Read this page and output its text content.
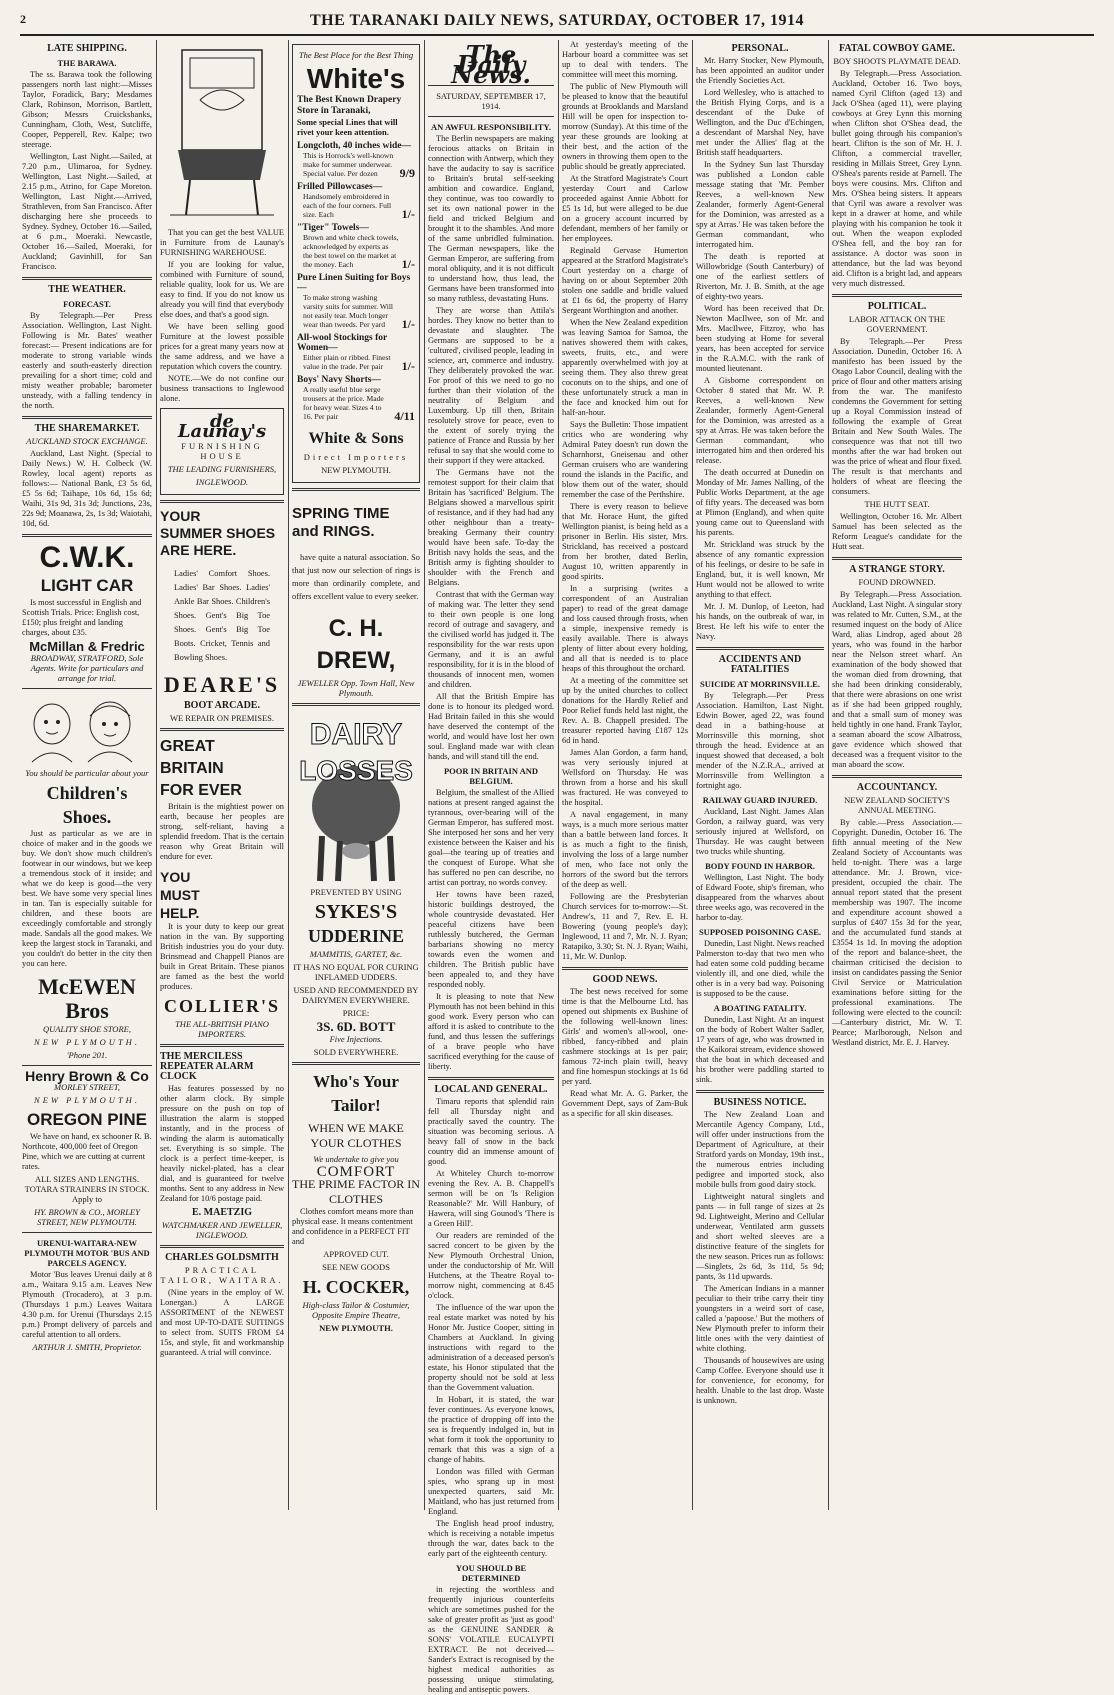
2	THE TARANAKI DAILY NEWS, SATURDAY, OCTOBER 17, 1914
LATE SHIPPING.
THE BARAWA.

The ss. Barawa took the following passengers north last night:—Misses Taylor, Foradick, Bary; Mesdames Clark, Robinson, Morrison, Bartlett, Gibson; Messrs Cruickshanks, Cunningham, Cloth, West, Sutcliffe, Cooper, Pepperell, Rev. Kalpe; two steerage.

Wellington, Last Night.—Sailed, at 7.20 p.m., Ulimaroa, for Sydney. Wellington, Last Night.—Sailed, at 2.15 p.m., Atrino, for Cape Moreton. Wellington, Last Night.—Arrived, Strathleven, from San Francisco. After discharging here she proceeds to Sydney. Sydney, October 16.—Sailed, at 6 p.m., Moeraki. Newcastle, October 16.—Sailed, Moeraki, for Auckland; Gavinhill, for San Francisco.

THE WEATHER.
FORECAST.

By Telegraph.—Per Press Association. Wellington, Last Night. Following is Mr. Bates' weather forecast:— Present indications are for moderate to strong variable winds easterly and south-easterly direction prevailing for a short time; cold and misty weather probable; barometer unsteady, with a falling tendency in the north.

THE SHAREMARKET.
AUCKLAND STOCK EXCHANGE.

Auckland, Last Night. (Special to Daily News.) W. H. Colbeck (W. Rowley, local agent) reports as follows:— National Bank, £3 5s 6d, £5 5s 6d; Taihape, 10s 6d, 15s 6d; Waihi, 31s 9d, 31s 3d; Junctions, 23s, 22s 9d; Moanawa, 2s, 1s 3d; Waiotahi, 10d, 6d.

C.W.K.
LIGHT CAR

Is most successful in English and Scottish Trials. Price: English cost, £150; plus freight and landing charges, about £35.

McMillan & Fredric
BROADWAY, STRATFORD, Sole Agents. Write for particulars and arrange for trial.
You should be particular about your
Children's Shoes.

Just as particular as we are in choice of maker and in the goods we buy. We don't show much children's footwear in our windows, but we keep a tremendous stock of it inside; and what we do keep is good—the very best. We have some very special lines in tan. Tan is especially suitable for children, and these boots are exceedingly comfortable and strongly made. Sandals all the good makes. We keep the largest stock in Taranaki, and you couldn't do better in the city then you can here.

McEWEN Bros
QUALITY SHOE STORE,
NEW PLYMOUTH.
'Phone 201.
Henry Brown & Co
MORLEY STREET,
NEW PLYMOUTH.
OREGON PINE

We have on hand, ex schooner R. B. Northcote, 400,000 feet of Oregon Pine, which we are cutting at current rates.

ALL SIZES AND LENGTHS. TOTARA STRAINERS IN STOCK. Apply to
HY. BROWN & CO., MORLEY STREET, NEW PLYMOUTH.
URENUI-WAITARA-NEW PLYMOUTH MOTOR 'BUS AND PARCELS AGENCY.

Motor 'Bus leaves Urenui daily at 8 a.m., Waitara 9.15 a.m. Leaves New Plymouth (Trocadero), at 3 p.m. (Thursdays 1 p.m.) Leaves Waitara 4.30 p.m. for Urenui (Thursdays 2.15 p.m.) Prompt delivery of parcels and careful attention to all orders.

ARTHUR J. SMITH, Proprietor.

That you can get the best VALUE in Furniture from de Launay's FURNISHING WAREHOUSE.

If you are looking for value, combined with Furniture of sound, reliable quality, look for us. We are easy to find. If you do not know us already you will find that everybody else does, and that's a good sign.

We have been selling good Furniture at the lowest possible prices for a great many years now at the same address, and we have a reputation which covers the country.

NOTE.—We do not confine our business transactions to Inglewood alone.

de Launay's
FURNISHING HOUSE
THE LEADING FURNISHERS,
INGLEWOOD.
YOUR
SUMMER SHOES
ARE HERE.

Ladies' Comfort Shoes. Ladies' Bar Shoes. Ladies' Ankle Bar Shoes. Children's Shoes. Gent's Big Toe Shoes. Gent's Big Toe Boots. Cricket, Tennis and Bowling Shoes.

DEARE'S
BOOT ARCADE.
WE REPAIR ON PREMISES.
GREAT
BRITAIN
FOR EVER

Britain is the mightiest power on earth, because her peoples are strong, self-reliant, having a splendid freedom. That is the certain reason why Great Britain will endure for ever.

YOU
MUST
HELP.

It is your duty to keep our great nation in the van. By supporting British industries you do your duty. Brinsmead and Chappell Pianos are built in Great Britain. These pianos are famed as the best the world produces.

COLLIER'S
THE ALL-BRITISH PIANO IMPORTERS.
THE MERCILESS REPEATER ALARM CLOCK

Has features possessed by no other alarm clock. By simple pressure on the push on top of illustration the alarm is stopped instantly, and in the process of winding the alarm is automatically set. Everything is so simple. The clock is a perfect time-keeper, is heavily nickel-plated, has a clear dial, and is guaranteed for twelve months. Sent to any address in New Zealand for 10/6 postage paid.

E. MAETZIG
WATCHMAKER AND JEWELLER, INGLEWOOD.
CHARLES GOLDSMITH
PRACTICAL TAILOR, WAITARA.

(Nine years in the employ of W. Lonergan.) A LARGE ASSORTMENT of the NEWEST and most UP-TO-DATE SUITINGS to select from. SUITS FROM £4 15s, and style, fit and workmanship guaranteed. A trial will convince.

The Best Place for the Best Thing
White's
The Best Known Drapery Store in Taranaki,
Some special Lines that will rivet your keen attention.
Longcloth, 40 inches wide—
This is Horrock's well-known make for summer underwear. Special value. Per dozen	9/9
Frilled Pillowcases—
Handsomely embroidered in each of the four corners. Full size. Each	1/-
"Tiger" Towels—
Brown and white check towels, acknowledged by experts as the best towel on the market at the money. Each	1/-
Pure Linen Suiting for Boys—
To make strong washing varsity suits for summer. Will not easily tear. Much longer wear than tweeds. Per yard	1/-
All-wool Stockings for Women—
Either plain or ribbed. Finest value in the trade. Per pair	1/-
Boys' Navy Shorts—
A really useful blue serge trousers at the price. Made for heavy wear. Sizes 4 to 16. Per pair	4/11
White & Sons
Direct Importers
NEW PLYMOUTH.
SPRING TIME
and RINGS.

have quite a natural association. So that just now our selection of rings is more than ordinarily complete, and offers excellent value to every seeker.

C. H. DREW,
JEWELLER Opp. Town Hall, New Plymouth.
DAIRY
LOSSES
PREVENTED BY USING
SYKES'S
UDDERINE
MAMMITIS, GARTET, &c.
IT HAS NO EQUAL FOR CURING INFLAMED UDDERS.
USED AND RECOMMENDED BY DAIRYMEN EVERYWHERE.
PRICE:
3S. 6D. BOTT
Five Injections.
SOLD EVERYWHERE.
Who's Your Tailor!
WHEN WE MAKE YOUR CLOTHES
We undertake to give you
COMFORT
THE PRIME FACTOR IN CLOTHES

Clothes comfort means more than physical ease. It means contentment and confidence in a PERFECT FIT and

APPROVED CUT.
SEE NEW GOODS
H. COCKER,
High-class Tailor & Costumier, Opposite Empire Theatre,
NEW PLYMOUTH.
The Daily News.
SATURDAY, SEPTEMBER 17, 1914.
AN AWFUL RESPONSIBILITY.

The Berlin newspapers are making ferocious attacks on Britain in connection with Antwerp, which they have the audacity to say is sacrifice to Britain's brutal self-seeking ambition and cowardice. England, they continue, was too cowardly to set its own national power in the field and tricked Belgium and brought it to the shambles. And more of the same unbridled fulmination. The German newspapers, like the German Emperor, are suffering from moral obliquity, and it is not difficult to understand how, thus lead, the Germans have been transformed into so many ruthless, devastating Huns.

They are worse than Attila's hordes. They know no better than to devastate and slaughter. The Germans are supposed to be a 'cultured', civilised people, leading in science, art, commerce and industry. They deliberately provoked the war. For proof of this we need to go no further than their violation of the neutrality of Belgium and Luxemburg. Up till then, Britain resolutely strove for peace, even to the extent of sorely trying the patience of France and Russia by her refusal to say that she would come to their support if they were attacked.

The Germans have not the remotest support for their claim that Britain has 'sacrificed' Belgium. The Belgians showed a marvellous spirit of resistance, and if they had had any other neighbour than a treaty-breaking Germany their country would have been safe. To-day the British navy holds the seas, and the British army is fighting shoulder to shoulder with the French and Belgians.

Contrast that with the German way of making war. The letter they send to their own people is one long record of outrage and savagery, and the civilised world has judged it. The responsibility for the war rests upon Germany, and it is an awful responsibility, for it is in the blood of thousands of innocent men, women and children.

All that the British Empire has done is to honour its pledged word. Had Britain failed in this she would have deserved the contempt of the world, and would have lost her own soul. England made war with clean hands, and will stand till the end.

POOR IN BRITAIN AND BELGIUM.

Belgium, the smallest of the Allied nations at present ranged against the tyrannous, over-bearing will of the German Emperor, has suffered most. She interposed her sons and her very existence between the Kaiser and his goal—the tearing up of treaties and the conquest of Europe. What she has suffered no pen can describe, no artist can portray, no words convey.

Her towns have been razed, historic buildings destroyed, the whole countryside devastated. Her peaceful citizens have been ruthlessly butchered, the German barbarians showing no mercy towards even the women and children. The British public have been appealed to, and they have responded nobly.

It is pleasing to note that New Plymouth has not been behind in this good work. Every person who can afford it is asked to contribute to the fund, and thus lessen the sufferings of a brave people who have sacrificed everything for the cause of liberty.

LOCAL AND GENERAL.

Timaru reports that splendid rain fell all Thursday night and practically saved the country. The situation was becoming serious. A heavy fall of snow in the back country did an immense amount of good.

At Whiteley Church to-morrow evening the Rev. A. B. Chappell's sermon will be on 'Is Religion Reasonable?' Mr. Will Hanbury, of Hawera, will sing Gounod's 'There is a Green Hill'.

Our readers are reminded of the sacred concert to be given by the New Plymouth Orchestral Union, under the conductorship of Mr. Will Hutchens, at the Theatre Royal to-morrow night, commencing at 8.45 o'clock.

The influence of the war upon the real estate market was noted by his Honor Mr. Justice Cooper, sitting in Chambers at Auckland. In giving instructions with regard to the administration of a deceased person's estate, his Honor stipulated that the property should not be sold at less than the Government valuation.

In Hobart, it is stated, the war fever continues. As everyone knows, the practice of dropping off into the sea is frequently indulged in, but in what form it took the opportunity to remark that this was a sign of a change of habits.

London was filled with German spies, who sprang up in most unexpected quarters, said Mr. Maitland, who has just returned from England.

The English head proof industry, which is receiving a notable impetus through the war, dates back to the early part of the eighteenth century.

YOU SHOULD BE DETERMINED

in rejecting the worthless and frequently injurious counterfeits which are sometimes pushed for the sake of greater profit as 'just as good' as the GENUINE SANDER & SONS' VOLATILE EUCALYPTI EXTRACT. Be not deceived—Sander's Extract is recognised by the highest medical authorities as possessing unique stimulating, healing and antiseptic powers.

At yesterday's meeting of the Harbour board a committee was set up to deal with tenders. The committee will meet this morning.

The public of New Plymouth will be pleased to know that the beautiful grounds at Brooklands and Marsland Hill will be open for inspection to-morrow (Sunday). At this time of the year these grounds are looking at their best, and the action of the owners in throwing them open to the public should be greatly appreciated.

At the Stratford Magistrate's Court yesterday Court and Carlow proceeded against Annie Abbott for £5 1s 1d, but were alleged to be due on a grocery account incurred by defendant, members of her family or her employees.

Reginald Gervase Humerton appeared at the Stratford Magistrate's Court yesterday on a charge of having on or about September 20th stolen one saddle and bridle valued at £1 6s 6d, the property of Harry Sergeant Worthington and another.

When the New Zealand expedition was leaving Samoa for Samoa, the natives showered them with cakes, sweets, fruits, etc., and were apparently overwhelmed with joy at seeing them. They also threw great coconuts on to the ships, and one of these unfortunately struck a man in the face and knocked him out for half-an-hour.

Says the Bulletin: Those impatient critics who are wondering why Admiral Patey doesn't run down the Scharnhorst, Gneisenau and other German cruisers who are wandering round the islands in the Pacific, and blow them out of the water, should remember the case of the Perthshire.

There is every reason to believe that Mr. Horace Hunt, the gifted Wellington pianist, is being held as a prisoner in Berlin. His sister, Mrs. Strickland, has received a postcard from her brother, dated Berlin, August 10, written apparently in good spirits.

In a surprising (writes a correspondent of an Australian paper) to read of the great damage and loss caused through frosts, when a simple, inexpensive remedy is easily available. There is always plenty of litter about every holding, and all that is needed is to place heaps of this throughout the orchard.

At a meeting of the committee set up by the united churches to collect donations for the Hardly Relief and Poor Relief funds held last night, the Rev. A. B. Chappell presided. The treasurer reported having £187 12s 6d in hand.

James Alan Gordon, a farm hand, was very seriously injured at Wellsford on Thursday. He was thrown from a horse and his skull was fractured. He was conveyed to the hospital.

A naval engagement, in many ways, is a much more serious matter than a battle between land forces. It is as much a fight to the finish, involving the loss of a large number of men, who face not only the horrors of the sword but the terrors of the deep as well.

Following are the Presbyterian Church services for to-morrow:—St. Andrew's, 11 and 7, Rev. E. H. Bowering (young people's day); Inglewood, 11 and 7, Mr. N. J. Ryan; Ratapiko, 3.30; St. N. J. Ryan; Waihi, 11, Mr. W. Dunlop.

GOOD NEWS.

The best news received for some time is that the Melbourne Ltd. has opened out shipments ex Bushine of the following well-known lines: Girls' and women's all-wool, one-ribbed, fancy-ribbed and plain cashmere stockings at 1s per pair; famous 72-inch plain twill, heavy and fine homespun stockings at 1s 6d per yard.

Read what Mr. A. G. Parker, the Government Dept, says of Zam-Buk as a specific for all skin diseases.

PERSONAL.

Mr. Harry Stocker, New Plymouth, has been appointed an auditor under the Friendly Societies Act.

Lord Wellesley, who is attached to the British Flying Corps, and is a descendant of the Duke of Wellington, and the Duc d'Echingen, a descendant of Marshal Ney, have met under the Allies' flag at the British staff headquarters.

In the Sydney Sun last Thursday was published a London cable message stating that 'Mr. Pember Reeves, a well-known New Zealander, formerly Agent-General for the Dominion, was arrested as a spy at Arras.' He was taken before the German commandant, who interrogated him.

The death is reported at Willowbridge (South Canterbury) of one of the earliest settlers of Riverton, Mr. J. B. Smith, at the age of eighty-two years.

Word has been received that Dr. Newton MacIlwee, son of Mr. and Mrs. MacIlwee, Fitzroy, who has been studying at Home for several years, has been accepted for service in the R.A.M.C. with the rank of mounted lieutenant.

A Gisborne correspondent on October 8 stated that Mr. W. P. Reeves, a well-known New Zealander, formerly Agent-General for the Dominion, was arrested as a spy at Arras. He was taken before the German commandant, who interrogated him and then ordered his release.

The death occurred at Dunedin on Monday of Mr. James Nalling, of the Public Works Department, at the age of fifty years. The deceased was born at Plimon (England), and when quite young came out to Queensland with his parents.

Mr. Strickland was struck by the absence of any romantic expression of his feelings, or desire to be safe in England, but, it is well known, Mr Hunt would not be allowed to write anything to that effect.

Mr. J. M. Dunlop, of Leeton, had his hands, on the outbreak of war, in Brest. He left his wife to enter the Navy.

ACCIDENTS AND FATALITIES
SUICIDE AT MORRINSVILLE.

By Telegraph.—Per Press Association. Hamilton, Last Night. Edwin Bower, aged 22, was found dead in a bathing-house at Morrinsville this morning, shot through the head. Evidence at an inquest showed that deceased, a bolt mender of the N.Z.R.A., arrived at Morrinsville from Wellington a fortnight ago.

RAILWAY GUARD INJURED.

Auckland, Last Night. James Alan Gordon, a railway guard, was very seriously injured at Wellsford, on Thursday. He was caught between two trucks while shunting.

BODY FOUND IN HARBOR.

Wellington, Last Night. The body of Edward Foote, ship's fireman, who disappeared from the wharves about three weeks ago, was recovered in the harbor to-day.

SUPPOSED POISONING CASE.

Dunedin, Last Night. News reached Palmerston to-day that two men who had eaten some cold pudding became violently ill, and one died, while the other is in a very bad way. Poisoning is supposed to be the cause.

A BOATING FATALITY.

Dunedin, Last Night. At an inquest on the body of Robert Walter Sadler, 17 years of age, who was drowned in the Kaikorai stream, evidence showed that the boat in which deceased and his brother were paddling started to sink.

BUSINESS NOTICE.

The New Zealand Loan and Mercantile Agency Company, Ltd., will offer under instructions from the Department of Agriculture, at their Stratford yards on Monday, 19th inst., the numerous entries including pedigree and imported stock, also mobile bulls from good dairy stock.

Lightweight natural singlets and pants — in full range of sizes at 2s 9d. Lightweight, Merino and Cellular underwear, Ventilated arm gussets and short welted sleeves are a distinctive feature of the singlets for the new season. Prices run as follows:—Singlets, 2s 6d, 3s 11d, 5s 9d; pants, 3s 11d upwards.

The American Indians in a manner peculiar to their tribe carry their tiny youngsters in a weird sort of case, called a 'papoose.' But the mothers of New Plymouth prefer to inform their little ones with the very daintiest of white clothing.

Thousands of housewives are using Camp Coffee. Everyone should use it for convenience, for economy, for health. Unable to the last drop. Waste is unknown.

FATAL COWBOY GAME.
BOY SHOOTS PLAYMATE DEAD.

By Telegraph.—Press Association. Auckland, October 16. Two boys, named Cyril Clifton (aged 13) and Jack O'Shea (aged 11), were playing cowboys at Grey Lynn this morning when Clifton shot O'Shea dead, the bullet going through his companion's heart. Clifton is the son of Mr. H. J. Clifton, a commercial traveller, residing in Millais Street, Grey Lynn. O'Shea's parents reside at Parnell. The boys were cousins. Mrs. Clifton and Mrs. O'Shea being sisters. It appears that Cyril was aware a revolver was kept in a drawer at home, and while playing with his companion he took it out. When the weapon exploded O'Shea fell, and the boy ran for assistance. A doctor was soon in attendance, but the lad was beyond aid. Clifton is a bright lad, and appears very much distressed.

POLITICAL.
LABOR ATTACK ON THE GOVERNMENT.

By Telegraph.—Per Press Association. Dunedin, October 16. A manifesto has been issued by the Otago Labor Council, dealing with the price of flour and other matters arising from the war. The manifesto condemns the Government for setting up a Royal Commission instead of following the example of Great Britain and New South Wales. The consequence was that not till two months after the war had broken out was the price of wheat and flour fixed. The result is that merchants and holders of wheat are fleecing the consumers.

THE HUTT SEAT.

Wellington, October 16. Mr. Albert Samuel has been selected as the Reform League's candidate for the Hutt seat.

A STRANGE STORY.
FOUND DROWNED.

By Telegraph.—Press Association. Auckland, Last Night. A singular story was related to Mr. Cutten, S.M., at the resumed inquest on the body of Alice Ward, alias Lindrop, aged about 28 years, who was found in the harbor near the Nelson street wharf. An examination of the body showed that the woman died from drowning, that she had been drinking considerably, that there were abrasions on one wrist as if she had been gripped roughly, and that a small sum of money was held tightly in one hand. Frank Taylor, a seaman aboard the scow Albatross, gave evidence which showed that deceased was a frequent visitor to the man aboard the scow.

ACCOUNTANCY.
NEW ZEALAND SOCIETY'S ANNUAL MEETING.

By cable.—Press Association.—Copyright. Dunedin, October 16. The fifth annual meeting of the New Zealand Society of Accountants was held to-night. There was a large attendance. Mr. J. Brown, vice-president, occupied the chair. The annual report stated that the present membership was 1907. The income and expenditure account showed a surplus of £407 15s 3d for the year, and the accumulated fund stands at £3554 1s 1d. In moving the adoption of the report and balance-sheet, the chairman criticised the decision to insist on candidates passing the Senior Civil Service or Matriculation examinations before sitting for the professional examinations. The following were elected to the council:—Canterbury district, Mr. W. T. Pearce; Marlborough, Nelson and Westland district, Mr. E. J. Harvey.
